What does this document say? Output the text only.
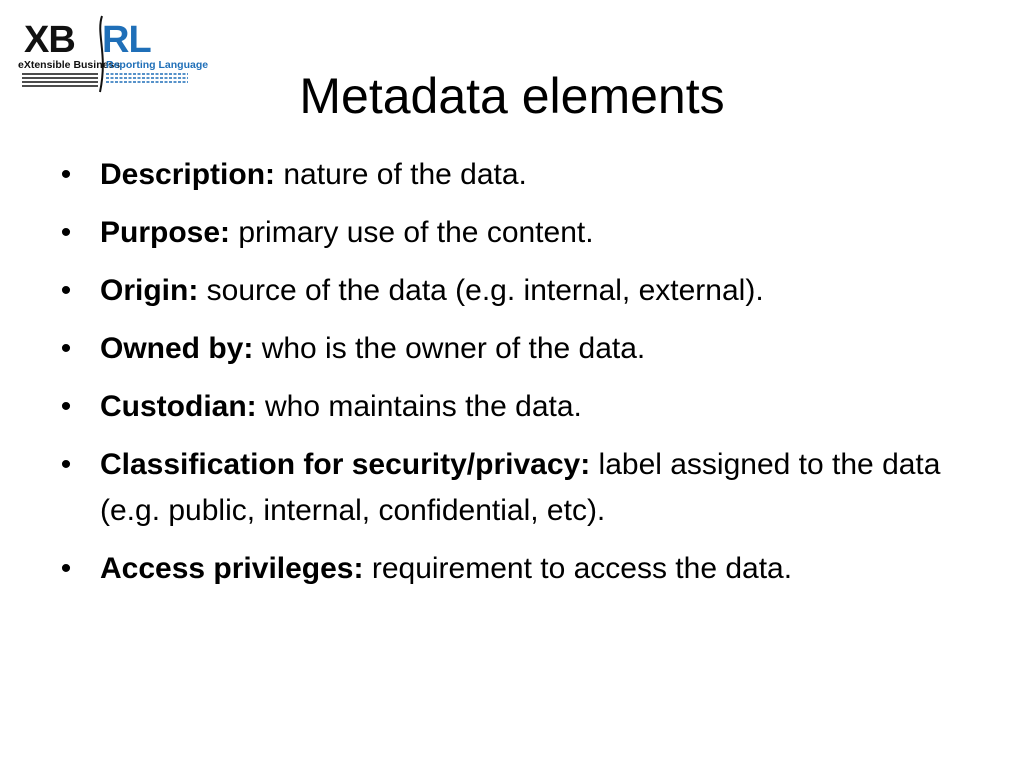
XB RL
eXtensible Business
Reporting Language
Metadata elements
• Description: nature of the data.
• Purpose: primary use of the content.
• Origin: source of the data (e.g. internal, external).
• Owned by: who is the owner of the data.
• Custodian: who maintains the data.
• Classification for security/privacy: label assigned to the data (e.g. public, internal, confidential, etc).
• Access privileges: requirement to access the data.
